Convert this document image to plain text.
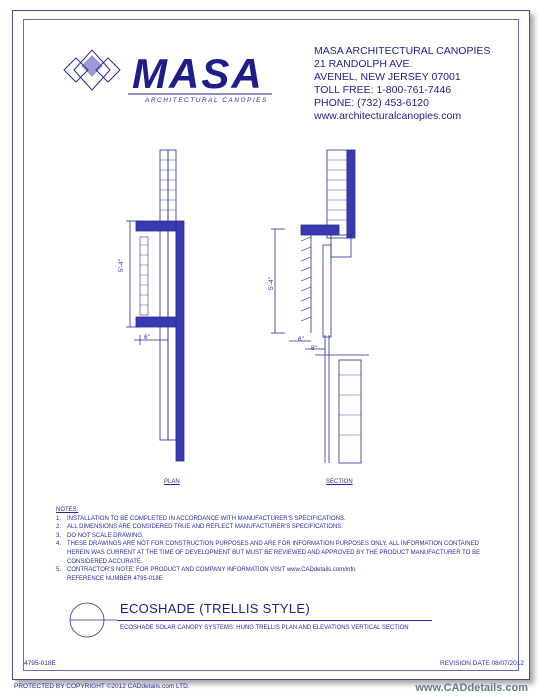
MASA
ARCHITECTURAL CANOPIES
MASA ARCHITECTURAL CANOPIES
21 RANDOLPH AVE.
AVENEL, NEW JERSEY 07001
TOLL FREE: 1-800-761-7446
PHONE: (732) 453-6120
www.architecturalcanopies.com
5'-4"
6"
PLAN
5'-4"
6"
8"
SECTION
NOTES:
1. INSTALLATION TO BE COMPLETED IN ACCORDANCE WITH MANUFACTURER'S SPECIFICATIONS.
2. ALL DIMENSIONS ARE CONSIDERED TRUE AND REFLECT MANUFACTURER'S SPECIFICATIONS.
3. DO NOT SCALE DRAWING.
4. THESE DRAWINGS ARE NOT FOR CONSTRUCTION PURPOSES AND ARE FOR INFORMATION PURPOSES ONLY. ALL INFORMATION CONTAINED HEREIN WAS CURRENT AT THE TIME OF DEVELOPMENT BUT MUST BE REVIEWED AND APPROVED BY THE PRODUCT MANUFACTURER TO BE CONSIDERED ACCURATE.
5. CONTRACTOR'S NOTE: FOR PRODUCT AND COMPANY INFORMATION VISIT www.CADdetails.com/info
REFERENCE NUMBER 4795-018E
ECOSHADE (TRELLIS STYLE)
ECOSHADE SOLAR CANOPY SYSTEMS: HUNG TRELLIS PLAN AND ELEVATIONS VERTICAL SECTION
4795-018E	REVISION DATE 08/07/2012
PROTECTED BY COPYRIGHT ©2012 CADdetails.com LTD.	www.CADdetails.com
